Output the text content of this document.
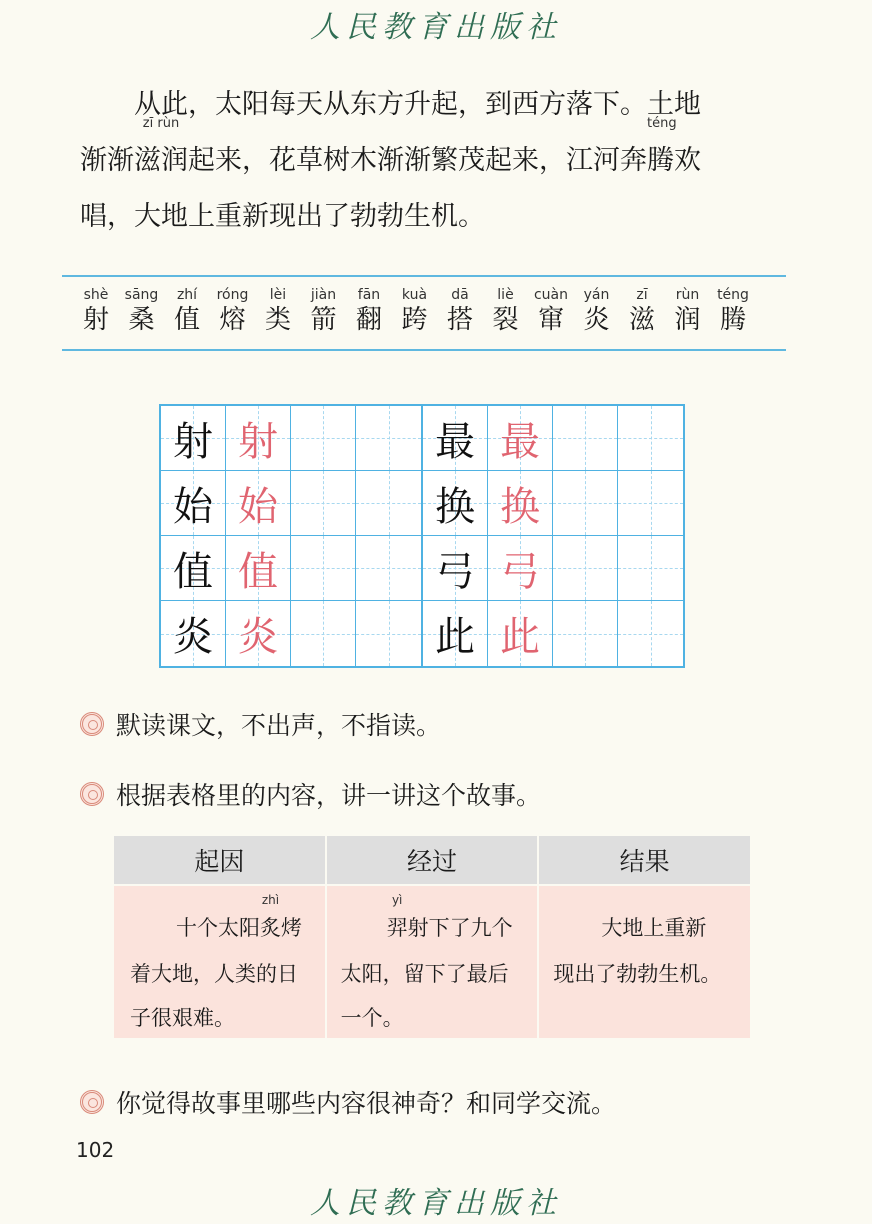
人民教育出版社
从此，太阳每天从东方升起，到西方落下。土地
渐渐
zī rùn
滋润起来，花草树木渐渐繁茂起来，江河奔
téng
腾欢
唱，大地上重新现出了勃勃生机。
shè
射
sāng
桑
zhí
值
róng
熔
lèi
类
jiàn
箭
fān
翻
kuà
跨
dā
搭
liè
裂
cuàn
窜
yán
炎
zī
滋
rùn
润
téng
腾
射 射
始 始
值 值
炎 炎
最 最
换 换
弓 弓
此 此
默读课文，不出声，不指读。
根据表格里的内容，讲一讲这个故事。
起因	经过	结果
十个太阳
zhì
炙烤
着大地，人类的日
子很艰难。
yì
羿射下了九个
太阳，留下了最后
一个。
大地上重新
现出了勃勃生机。
你觉得故事里哪些内容很神奇？和同学交流。
102
人民教育出版社
